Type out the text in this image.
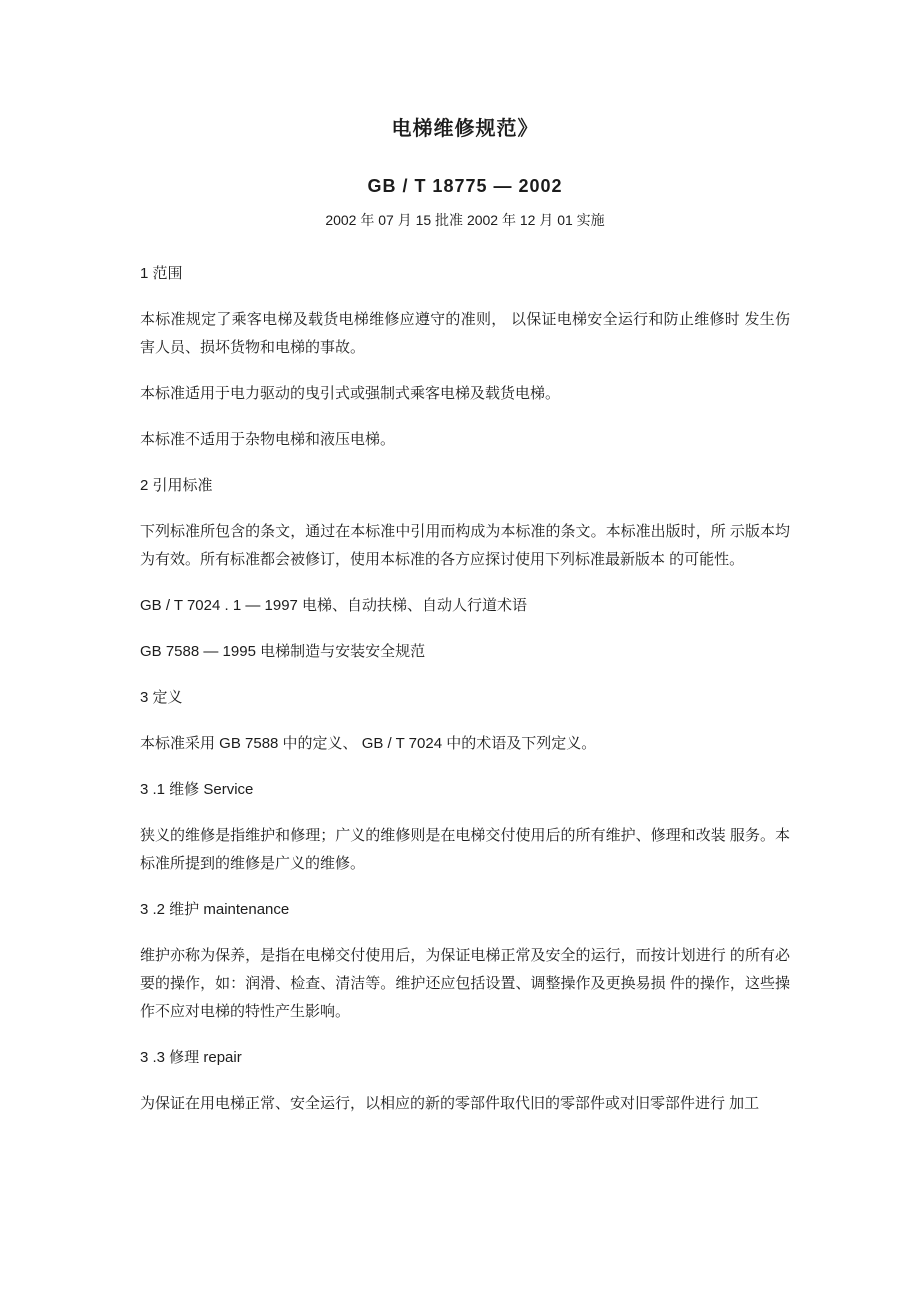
电梯维修规范》
GB / T 18775 — 2002
2002 年 07 月 15 批准 2002 年 12 月 01 实施
1 范围
本标准规定了乘客电梯及载货电梯维修应遵守的准则， 以保证电梯安全运行和防止维修时 发生伤害人员、损坏货物和电梯的事故。
本标准适用于电力驱动的曳引式或强制式乘客电梯及载货电梯。
本标准不适用于杂物电梯和液压电梯。
2 引用标准
下列标准所包含的条文，通过在本标准中引用而构成为本标准的条文。本标准出版时，所 示版本均为有效。所有标准都会被修订，使用本标准的各方应探讨使用下列标准最新版本 的可能性。
GB / T 7024 . 1 — 1997 电梯、自动扶梯、自动人行道术语
GB 7588 — 1995 电梯制造与安装安全规范
3 定义
本标准采用 GB 7588 中的定义、 GB / T 7024 中的术语及下列定义。
3 .1 维修 Service
狭义的维修是指维护和修理；广义的维修则是在电梯交付使用后的所有维护、修理和改装 服务。本标准所提到的维修是广义的维修。
3 .2 维护 maintenance
维护亦称为保养，是指在电梯交付使用后，为保证电梯正常及安全的运行，而按计划进行 的所有必要的操作，如：润滑、检查、清洁等。维护还应包括设置、调整操作及更换易损 件的操作，这些操作不应对电梯的特性产生影响。
3 .3 修理 repair
为保证在用电梯正常、安全运行，以相应的新的零部件取代旧的零部件或对旧零部件进行 加工
